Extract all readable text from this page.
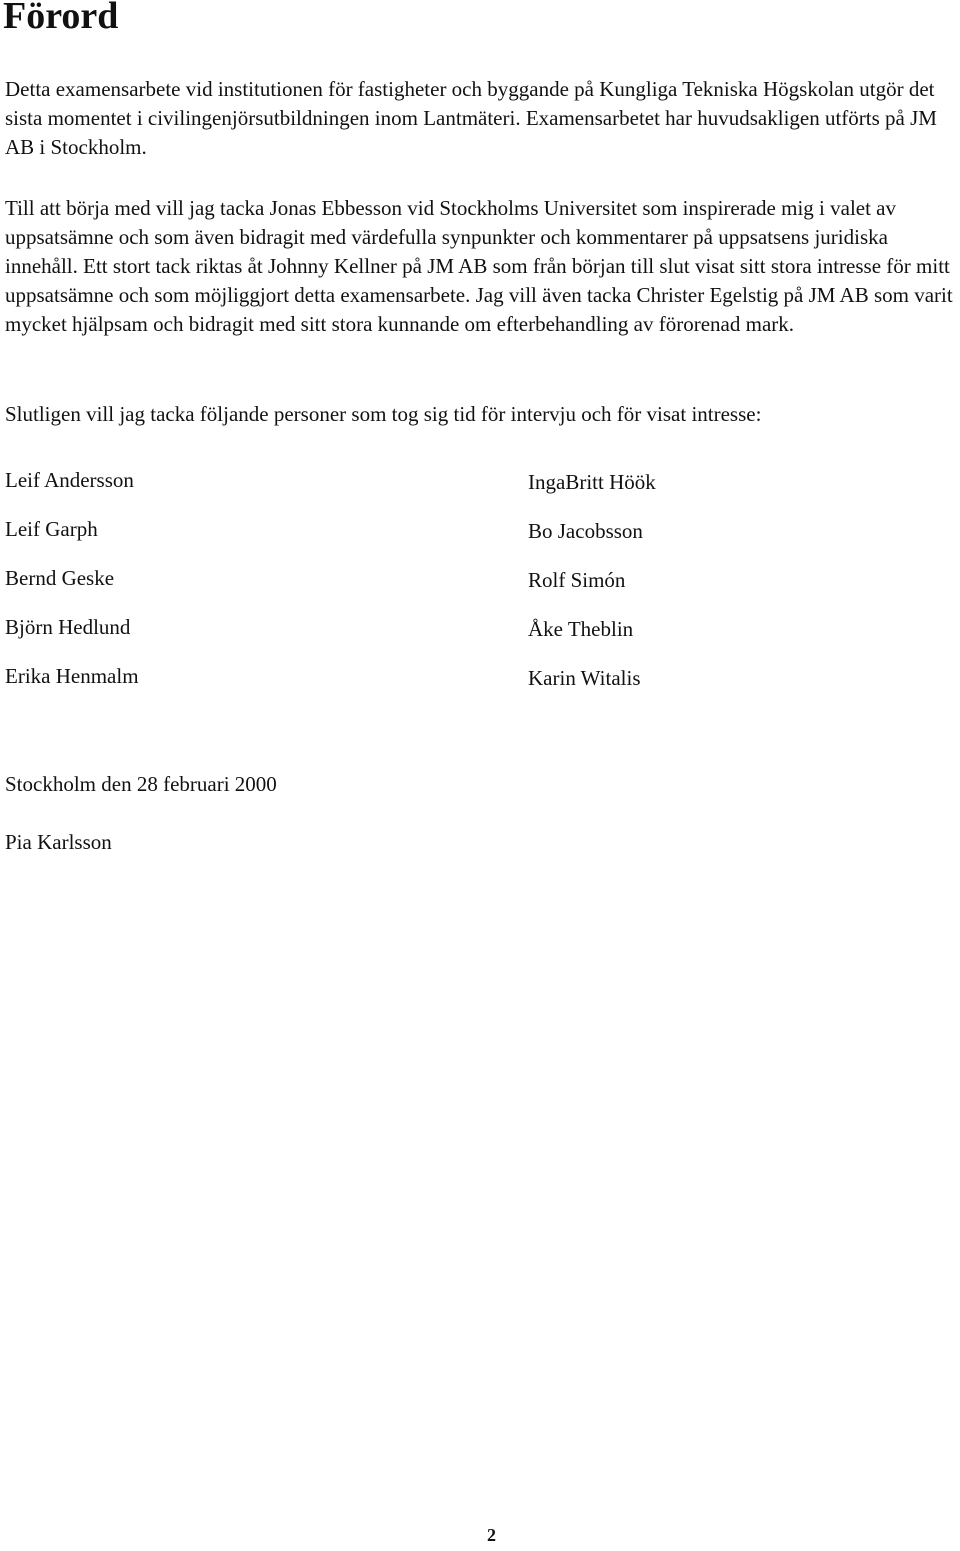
Förord

Detta examensarbete vid institutionen för fastigheter och byggande på Kungliga Tekniska Högskolan utgör det sista momentet i civilingenjörsutbildningen inom Lantmäteri. Examensarbetet har huvudsakligen utförts på JM AB i Stockholm.

Till att börja med vill jag tacka Jonas Ebbesson vid Stockholms Universitet som inspirerade mig i valet av uppsatsämne och som även bidragit med värdefulla synpunkter och kommentarer på uppsatsens juridiska innehåll. Ett stort tack riktas åt Johnny Kellner på JM AB som från början till slut visat sitt stora intresse för mitt uppsatsämne och som möjliggjort detta examensarbete. Jag vill även tacka Christer Egelstig på JM AB som varit mycket hjälpsam och bidragit med sitt stora kunnande om efterbehandling av förorenad mark.

Slutligen vill jag tacka följande personer som tog sig tid för intervju och för visat intresse:

Leif Andersson
Leif Garph
Bernd Geske
Björn Hedlund
Erika Henmalm
IngaBritt Höök
Bo Jacobsson
Rolf Simón
Åke Theblin
Karin Witalis

Stockholm den 28 februari 2000

Pia Karlsson

2
